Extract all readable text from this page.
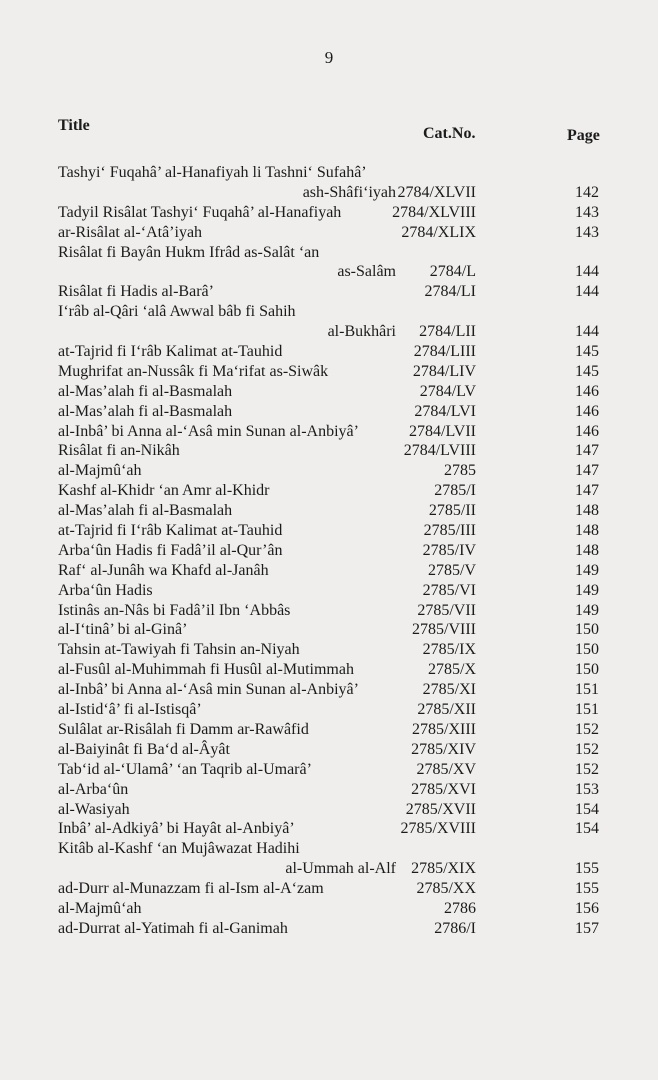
9
Title	Cat.No.	Page
Tashyi‘ Fuqahâ’ al-Hanafiyah li Tashni‘ Sufahâ’
ash-Shâfi‘iyah 2784/XLVII	142
Tadyil Risâlat Tashyi‘ Fuqahâ’ al-Hanafiyah	2784/XLVIII	143
ar-Risâlat al-‘Atâ’iyah	2784/XLIX	143
Risâlat fi Bayân Hukm Ifrâd as-Salât ‘an
as-Salâm 2784/L	144
Risâlat fi Hadis al-Barâ’	2784/LI	144
I‘râb al-Qâri ‘alâ Awwal bâb fi Sahih
al-Bukhâri 2784/LII	144
at-Tajrid fi I‘râb Kalimat at-Tauhid	2784/LIII	145
Mughrifat an-Nussâk fi Ma‘rifat as-Siwâk	2784/LIV	145
al-Mas’alah fi al-Basmalah	2784/LV	146
al-Mas’alah fi al-Basmalah	2784/LVI	146
al-Inbâ’ bi Anna al-‘Asâ min Sunan al-Anbiyâ’	2784/LVII	146
Risâlat fi an-Nikâh	2784/LVIII	147
al-Majmû‘ah	2785	147
Kashf al-Khidr ‘an Amr al-Khidr	2785/I	147
al-Mas’alah fi al-Basmalah	2785/II	148
at-Tajrid fi I‘râb Kalimat at-Tauhid	2785/III	148
Arba‘ûn Hadis fi Fadâ’il al-Qur’ân	2785/IV	148
Raf‘ al-Junâh wa Khafd al-Janâh	2785/V	149
Arba‘ûn Hadis	2785/VI	149
Istinâs an-Nâs bi Fadâ’il Ibn ‘Abbâs	2785/VII	149
al-I‘tinâ’ bi al-Ginâ’	2785/VIII	150
Tahsin at-Tawiyah fi Tahsin an-Niyah	2785/IX	150
al-Fusûl al-Muhimmah fi Husûl al-Mutimmah	2785/X	150
al-Inbâ’ bi Anna al-‘Asâ min Sunan al-Anbiyâ’	2785/XI	151
al-Istid‘â’ fi al-Istisqâ’	2785/XII	151
Sulâlat ar-Risâlah fi Damm ar-Rawâfid	2785/XIII	152
al-Baiyinât fi Ba‘d al-Âyât	2785/XIV	152
Tab‘id al-‘Ulamâ’ ‘an Taqrib al-Umarâ’	2785/XV	152
al-Arba‘ûn	2785/XVI	153
al-Wasiyah	2785/XVII	154
Inbâ’ al-Adkiyâ’ bi Hayât al-Anbiyâ’	2785/XVIII	154
Kitâb al-Kashf ‘an Mujâwazat Hadihi
al-Ummah al-Alf 2785/XIX	155
ad-Durr al-Munazzam fi al-Ism al-A‘zam	2785/XX	155
al-Majmû‘ah	2786	156
ad-Durrat al-Yatimah fi al-Ganimah	2786/I	157
